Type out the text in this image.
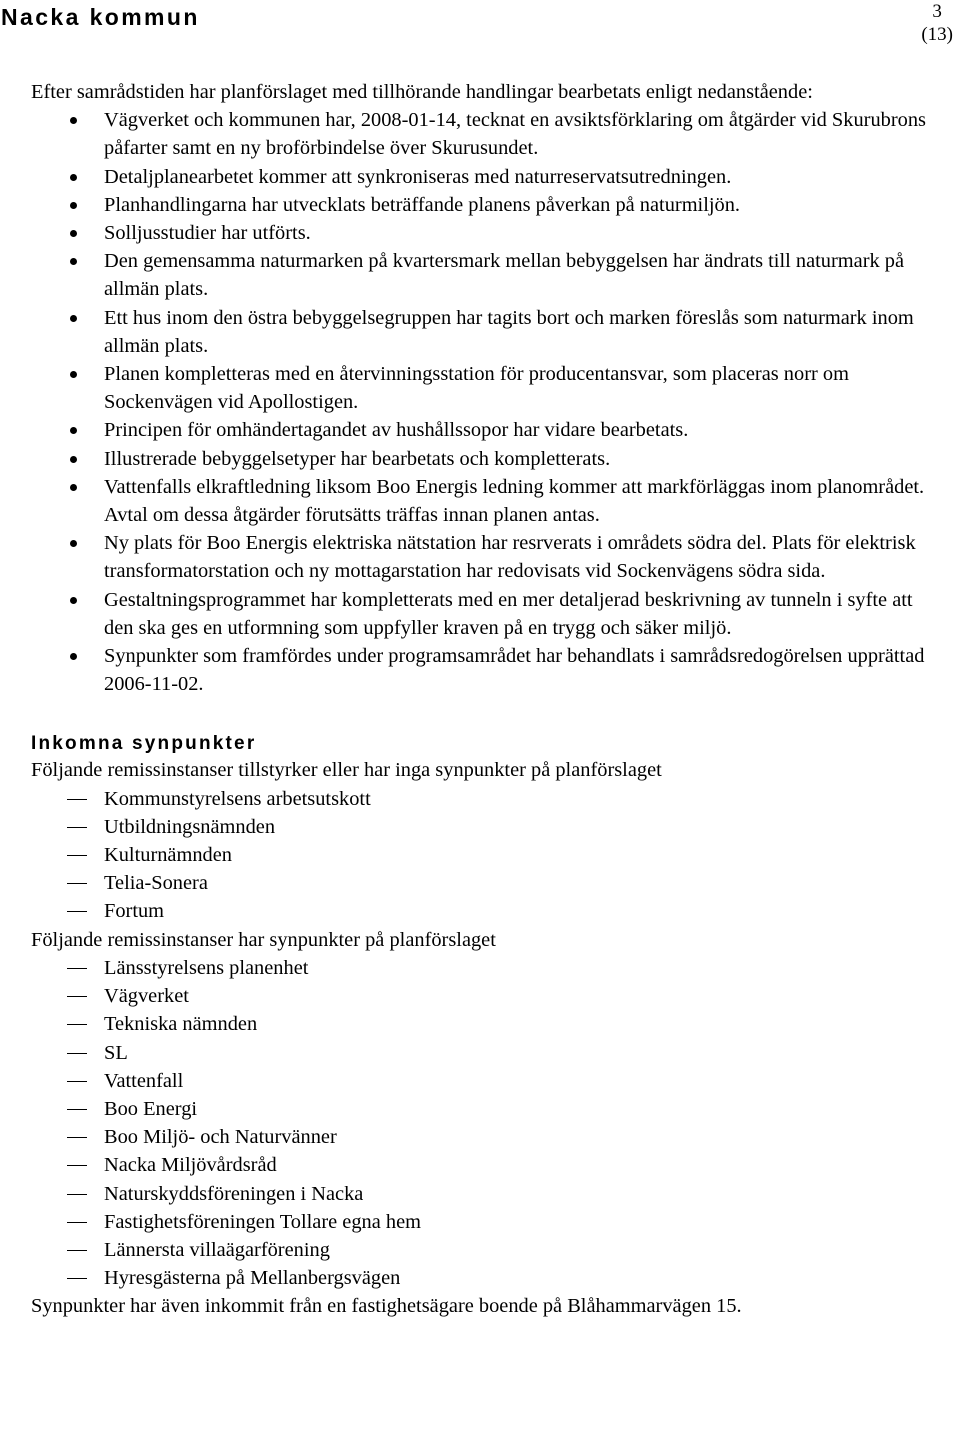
Nacka kommun	3
(13)

Efter samrådstiden har planförslaget med tillhörande handlingar bearbetats enligt nedanstående:

Vägverket och kommunen har, 2008-01-14, tecknat en avsiktsförklaring om åtgärder vid Skurubrons påfarter samt en ny broförbindelse över Skurusundet.
Detaljplanearbetet kommer att synkroniseras med naturreservatsutredningen.
Planhandlingarna har utvecklats beträffande planens påverkan på naturmiljön.
Solljusstudier har utförts.
Den gemensamma naturmarken på kvartersmark mellan bebyggelsen har ändrats till naturmark på allmän plats.
Ett hus inom den östra bebyggelsegruppen har tagits bort och marken föreslås som naturmark inom allmän plats.
Planen kompletteras med en återvinningsstation för producentansvar, som placeras norr om Sockenvägen vid Apollostigen.
Principen för omhändertagandet av hushållssopor har vidare bearbetats.
Illustrerade bebyggelsetyper har bearbetats och kompletterats.
Vattenfalls elkraftledning liksom Boo Energis ledning kommer att markförläggas inom planområdet. Avtal om dessa åtgärder förutsätts träffas innan planen antas.
Ny plats för Boo Energis elektriska nätstation har resrverats i områdets södra del. Plats för elektrisk transformatorstation och ny mottagarstation har redovisats vid Sockenvägens södra sida.
Gestaltningsprogrammet har kompletterats med en mer detaljerad beskrivning av tunneln i syfte att den ska ges en utformning som uppfyller kraven på en trygg och säker miljö.
Synpunkter som framfördes under programsamrådet har behandlats i samrådsredogörelsen upprättad 2006-11-02.
Inkomna synpunkter

Följande remissinstanser tillstyrker eller har inga synpunkter på planförslaget

Kommunstyrelsens arbetsutskott
Utbildningsnämnden
Kulturnämnden
Telia-Sonera
Fortum

Följande remissinstanser har synpunkter på planförslaget

Länsstyrelsens planenhet
Vägverket
Tekniska nämnden
SL
Vattenfall
Boo Energi
Boo Miljö- och Naturvänner
Nacka Miljövårdsråd
Naturskyddsföreningen i Nacka
Fastighetsföreningen Tollare egna hem
Lännersta villaägarförening
Hyresgästerna på Mellanbergsvägen

Synpunkter har även inkommit från en fastighetsägare boende på Blåhammarvägen 15.
